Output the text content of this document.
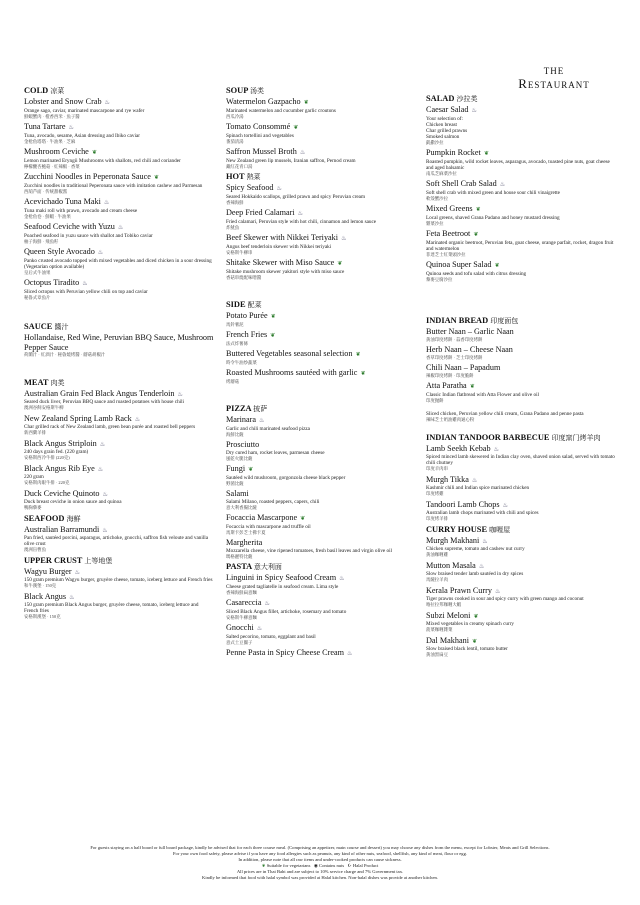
THE
Restaurant
COLD 凉菜
Lobster and Snow Crab ♨
Orange sago, caviar, marinated mascarpone and rye wafer
鮮蝦蟹肉 · 橙香西米 · 魚子醬
Tuna Tartare ♨
Tuna, avocado, sesame, Asian dressing and Ibiko caviar
金枪鱼塔塔 · 牛油果 · 芝麻
Mushroom Ceviche ❦
Lemon marinated Eryngii Mushrooms with shallots, red chili and coriander
檸檬醃杏鮑菇 · 紅辣椒 · 香菜
Zucchini Noodles in Peperonata Sauce ❦
Zucchini noodles in traditional Peperonata sauce with imitation cashew and Parmesan
西葫芦面 · 传统甜椒酱
Acevichado Tuna Maki ♨
Tuna maki roll with prawn, avocado and cream cheese
金枪鱼卷 · 鮮蝦 · 牛油果
Seafood Ceviche with Yuzu ♨
Poached seafood in yuzu sauce with shallot and Tobiko caviar
柚子海鮮 · 飛魚籽
Queen Style Avocado ♨
Panko crusted avocado topped with mixed vegetables and diced chicken in a sour dressing
(Vegetarian option available)
皇后式牛油果
Octopus Tiradito ♨
Sliced octopus with Peruvian yellow chili on top and caviar
秘魯式章魚片
SAUCE 醬汁
Hollandaise, Red Wine, Peruvian BBQ Sauce, Mushroom Pepper Sauce
荷蘭汁 · 紅酒汁 · 秘魯燒烤醬 · 蘑菇胡椒汁
MEAT 肉类
Australian Grain Fed Black Angus Tenderloin ♨
Seared duck liver, Peruvian BBQ sauce and roasted potatoes with house chili
澳洲谷飼安格斯牛柳
New Zealand Spring Lamb Rack ♨
Char grilled rack of New Zealand lamb, green bean purée and roasted bell peppers
新西蘭羊排
Black Angus Striploin ♨
240 days grain fed. (220 gram)
安格斯西冷牛排 (220克)
Black Angus Rib Eye ♨
220 gram
安格斯肉眼牛排 · 220克
Duck Ceviche Quinoto ♨
Duck breast ceviche in onion sauce and quinoa
鴨胸藜麥
SEAFOOD 海鮮
Australian Barramundi ♨
Pan fried, sautéed porcini, asparagus, artichoke, gnocchi, saffron fish veloute and vanilla olive crust
澳洲盲曹魚
UPPER CRUST 上等地堡
Wagyu Burger ♨
150 gram premium Wagyu burger, gruyère cheese, tomato, iceberg lettuce and French fries
和牛漢堡 · 150克
Black Angus ♨
150 gram premium Black Angus burger, gruyère cheese, tomato, iceberg lettuce and French fries
安格斯漢堡 · 150克
SOUP 汤类
Watermelon Gazpacho ❦
Marinated watermelon and cucumber garlic croutons
西瓜冷湯
Tomato Consommé ❦
Spinach tortellini and vegetables
番茄清湯
Saffron Mussel Broth ♨
New Zealand green lip mussels, Iranian saffron, Pernod cream
藏紅花青口湯
HOT 熱菜
Spicy Seafood ♨
Seared Hokkaido scallops, grilled prawn and spicy Peruvian cream
香辣海鮮
Deep Fried Calamari ♨
Fried calamari, Peruvian style with hot chili, cinnamon and lemon sauce
炸魷魚
Beef Skewer with Nikkei Teriyaki ♨
Angus beef tenderloin skewer with Nikkei teriyaki
安格斯牛柳串
Shitake Skewer with Miso Sauce ❦
Shitake mushroom skewer yakitori style with miso sauce
香菇串燒配味噌醬
SIDE 配菜
Potato Purée ❦
馬鈴薯泥
French Fries ❦
法式炸薯條
Buttered Vegetables seasonal selection ❦
時令牛油炒蔬菜
Roasted Mushrooms sautéed with garlic ❦
烤蘑菇
PIZZA 披萨
Marinara ♨
Garlic and chili marinated seafood pizza
海鮮比薩
Prosciutto
Dry cured ham, rocket leaves, parmesan cheese
風乾火腿比薩
Fungi ❦
Sautéed wild mushroom, gorgonzola cheese black pepper
野菌比薩
Salami
Salami Milano, roasted peppers, capers, chili
意大利香腸比薩
Focaccia Mascarpone ❦
Focaccia with mascarpone and truffle oil
馬斯卡彭芝士佛卡夏
Margherita
Mozzarella cheese, vine ripened tomatoes, fresh basil leaves and virgin olive oil
瑪格麗特比薩
PASTA 意大利面
Linguini in Spicy Seafood Cream ♨
Cheese grated tagliatelle in seafood cream. Lima style
香辣海鮮扁意麵
Casareccia ♨
Sliced Black Angus fillet, artichoke, rosemary and tomato
安格斯牛柳意麵
Gnocchi ♨
Salted pecorino, tomato, eggplant and basil
意式土豆團子
Penne Pasta in Spicy Cheese Cream ♨
SALAD 沙拉类
Caesar Salad ♨
Your selection of:
Chicken breast
Char grilled prawns
Smoked salmon
凱撒沙拉
Pumpkin Rocket ❦
Roasted pumpkin, wild rocket leaves, asparagus, avocado, toasted pine nuts, goat cheese and aged balsamic
南瓜芝麻菜沙拉
Soft Shell Crab Salad ♨
Soft shell crab with mixed green and house sour chili vinaigrette
軟殼蟹沙拉
Mixed Greens ❦
Local greens, shaved Grana Padano and honey mustard dressing
雜菜沙拉
Feta Beetroot ❦
Marinated organic beetroot, Peruvian feta, goat cheese, orange parfait, rocket, dragon fruit and watermelon
菲達芝士紅菜頭沙拉
Quinoa Super Salad ❦
Quinoa seeds and tofu salad with citrus dressing
藜麥豆腐沙拉
INDIAN BREAD 印度面包
Butter Naan – Garlic Naan
黃油印度烤餅 · 蒜香印度烤餅
Herb Naan – Cheese Naan
香草印度烤餅 · 芝士印度烤餅
Chili Naan – Papadum
辣椒印度烤餅 · 印度脆餅
Atta Paratha ❦
Classic Indian flatbread with Atta Flower and olive oil
印度抛餅
Sliced chicken, Peruvian yellow chili cream, Grana Padano and penne pasta
辣味芝士奶油雞肉通心粉
INDIAN TANDOOR BARBECUE 印度窯门烤羊肉
Lamb Seekh Kebab ♨
Spiced minced lamb skewered in Indian clay oven, shaved onion salad, served with tomato chili chutney
印度羊肉串
Murgh Tikka ♨
Kashmir chili and Indian spice marinated chicken
印度烤雞
Tandoori Lamb Chops ♨
Australian lamb chops marinated with chili and spices
印度烤羊排
CURRY HOUSE 咖喱屋
Murgh Makhani ♨
Chicken supreme, tomato and cashew nut curry
黃油咖喱雞
Mutton Masala ♨
Slow braised tender lamb sautéed in dry spices
馬薩拉羊肉
Kerala Prawn Curry ♨
Tiger prawns cooked in sour and spicy curry with green mango and coconut
喀拉拉邦咖喱大蝦
Subzi Meloni ❦
Mixed vegetables in creamy spinach curry
菠菜咖喱雜菜
Dal Makhani ❦
Slow braised black lentil, tomato butter
黃油黑扁豆
For guests staying on a half board or full board package, kindly be advised that for each three course meal. (Comprising an appetizer, main course and dessert) you may choose any dishes from the menu, except for Lobster, Meats and Grill Selections.
For your own food safety, please advise if you have any food allergies such as peanuts, any kind of other nuts, seafood, shellfish, any kind of meat, flour or egg.
In addition, please note that all raw items and under-cooked products can cause sickness.
❦ Suitable for vegetarians ◉ Contains nuts ☪ Halal Product
All prices are in Thai Baht and are subject to 10% service charge and 7% Government tax.
Kindly be informed that food with halal symbol was provided at Halal kitchen. Non-halal dishes was provide at another kitchen.
